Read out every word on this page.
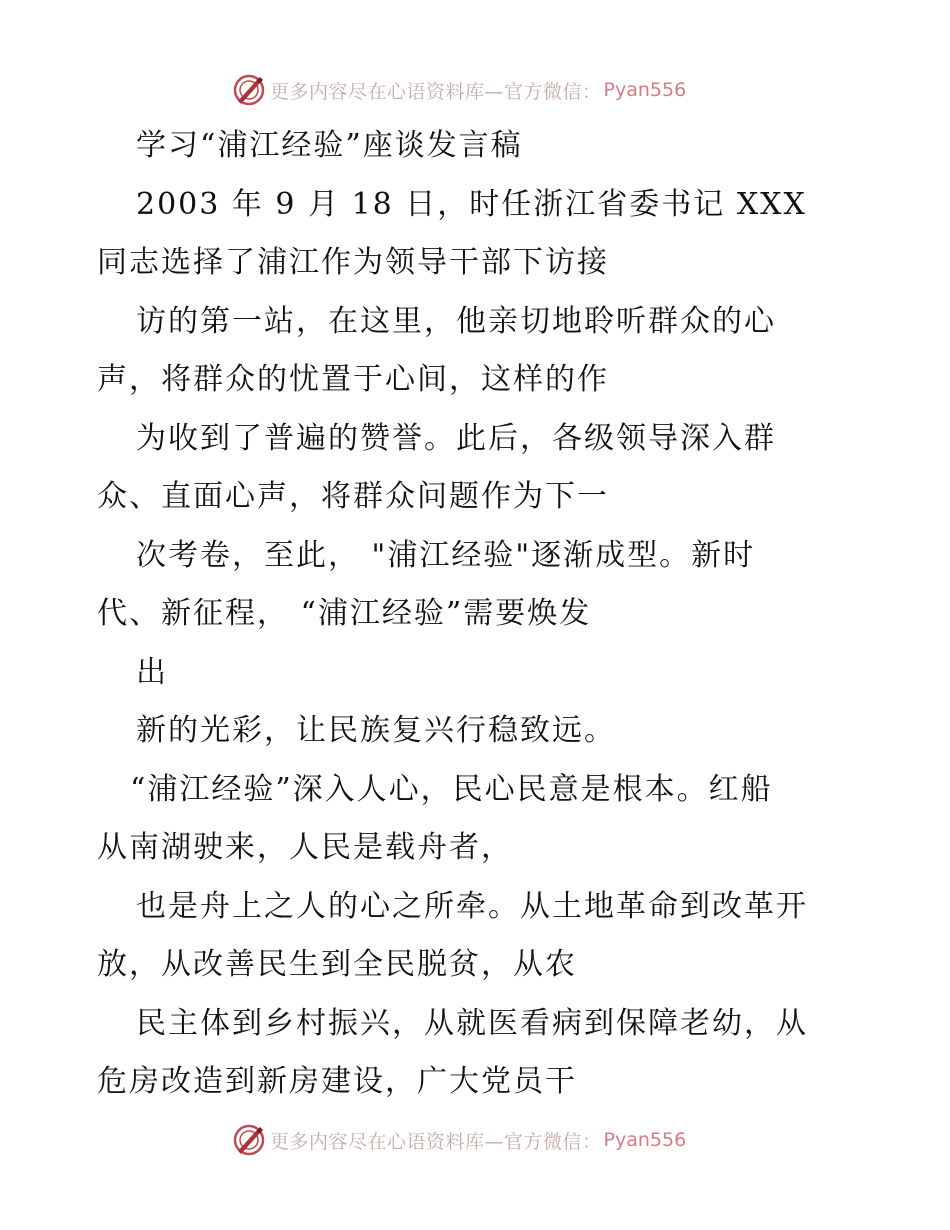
更多内容尽在心语资料库—官方微信： Pyan556
学习“浦江经验”座谈发言稿
2003 年 9 月 18 日，时任浙江省委书记 XXX
同志选择了浦江作为领导干部下访接
访的第一站，在这里，他亲切地聆听群众的心
声，将群众的忧置于心间，这样的作
为收到了普遍的赞誉。此后，各级领导深入群
众、直面心声，将群众问题作为下一
次考卷，至此， "浦江经验"逐渐成型。新时
代、新征程， “浦江经验”需要焕发
出
新的光彩，让民族复兴行稳致远。
“浦江经验”深入人心，民心民意是根本。红船
从南湖驶来，人民是载舟者，
也是舟上之人的心之所牵。从土地革命到改革开
放，从改善民生到全民脱贫，从农
民主体到乡村振兴，从就医看病到保障老幼，从
危房改造到新房建设，广大党员干
更多内容尽在心语资料库—官方微信： Pyan556
